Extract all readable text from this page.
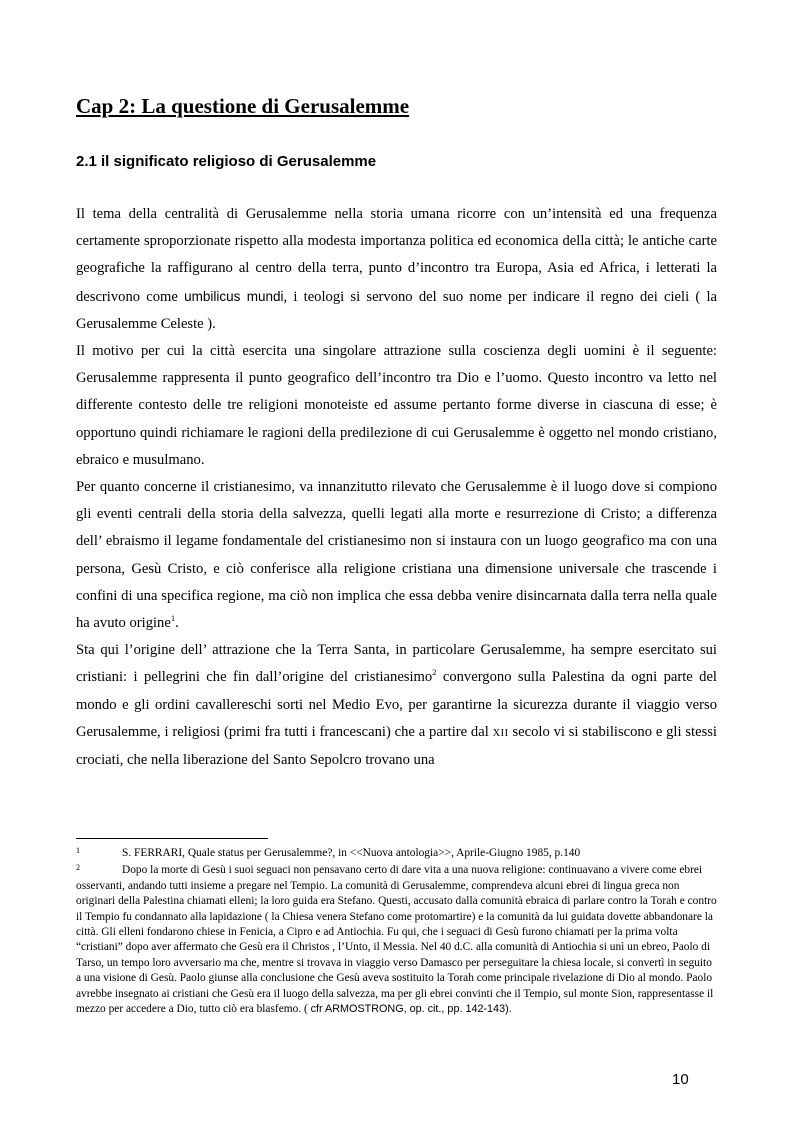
Cap 2: La questione di Gerusalemme
2.1 il significato religioso di Gerusalemme

Il tema della centralità di Gerusalemme nella storia umana ricorre con un’intensità ed una frequenza certamente sproporzionate rispetto alla modesta importanza politica ed economica della città; le antiche carte geografiche la raffigurano al centro della terra, punto d’incontro tra Europa, Asia ed Africa, i letterati la descrivono come umbilicus mundi, i teologi si servono del suo nome per indicare il regno dei cieli ( la Gerusalemme Celeste ).

Il motivo per cui la città esercita una singolare attrazione sulla coscienza degli uomini è il seguente: Gerusalemme rappresenta il punto geografico dell’incontro tra Dio e l’uomo. Questo incontro va letto nel differente contesto delle tre religioni monoteiste ed assume pertanto forme diverse in ciascuna di esse; è opportuno quindi richiamare le ragioni della predilezione di cui Gerusalemme è oggetto nel mondo cristiano, ebraico e musulmano.

Per quanto concerne il cristianesimo, va innanzitutto rilevato che Gerusalemme è il luogo dove si compiono gli eventi centrali della storia della salvezza, quelli legati alla morte e resurrezione di Cristo; a differenza dell’ ebraismo il legame fondamentale del cristianesimo non si instaura con un luogo geografico ma con una persona, Gesù Cristo, e ciò conferisce alla religione cristiana una dimensione universale che trascende i confini di una specifica regione, ma ciò non implica che essa debba venire disincarnata dalla terra nella quale ha avuto origine$^1$.

Sta qui l’origine dell’ attrazione che la Terra Santa, in particolare Gerusalemme, ha sempre esercitato sui cristiani: i pellegrini che fin dall’origine del cristianesimo$^2$ convergono sulla Palestina da ogni parte del mondo e gli ordini cavallereschi sorti nel Medio Evo, per garantirne la sicurezza durante il viaggio verso Gerusalemme, i religiosi (primi fra tutti i francescani) che a partire dal XII secolo vi si stabiliscono e gli stessi crociati, che nella liberazione del Santo Sepolcro trovano una

1	S. FERRARI, Quale status per Gerusalemme?, in <<Nuova antologia>>, Aprile-Giugno 1985, p.140

2	Dopo la morte di Gesù i suoi seguaci non pensavano certo di dare vita a una nuova religione: continuavano a vivere come ebrei osservanti, andando tutti insieme a pregare nel Tempio. La comunità di Gerusalemme, comprendeva alcuni ebrei di lingua greca non originari della Palestina chiamati elleni; la loro guida era Stefano. Questi, accusato dalla comunità ebraica di parlare contro la Torah e contro il Tempio fu condannato alla lapidazione ( la Chiesa venera Stefano come protomartire) e la comunità da lui guidata dovette abbandonare la città. Gli elleni fondarono chiese in Fenicia, a Cipro e ad Antiochia. Fu qui, che i seguaci di Gesù furono chiamati per la prima volta “cristiani” dopo aver affermato che Gesù era il Christos , l’Unto, il Messia. Nel 40 d.C. alla comunità di Antiochia si unì un ebreo, Paolo di Tarso, un tempo loro avversario ma che, mentre si trovava in viaggio verso Damasco per perseguitare la chiesa locale, si convertì in seguito a una visione di Gesù. Paolo giunse alla conclusione che Gesù aveva sostituito la Torah come principale rivelazione di Dio al mondo. Paolo avrebbe insegnato ai cristiani che Gesù era il luogo della salvezza, ma per gli ebrei convinti che il Tempio, sul monte Sion, rappresentasse il mezzo per accedere a Dio, tutto ciò era blasfemo. ( cfr ARMOSTRONG, op. cit., pp. 142-143).

10
